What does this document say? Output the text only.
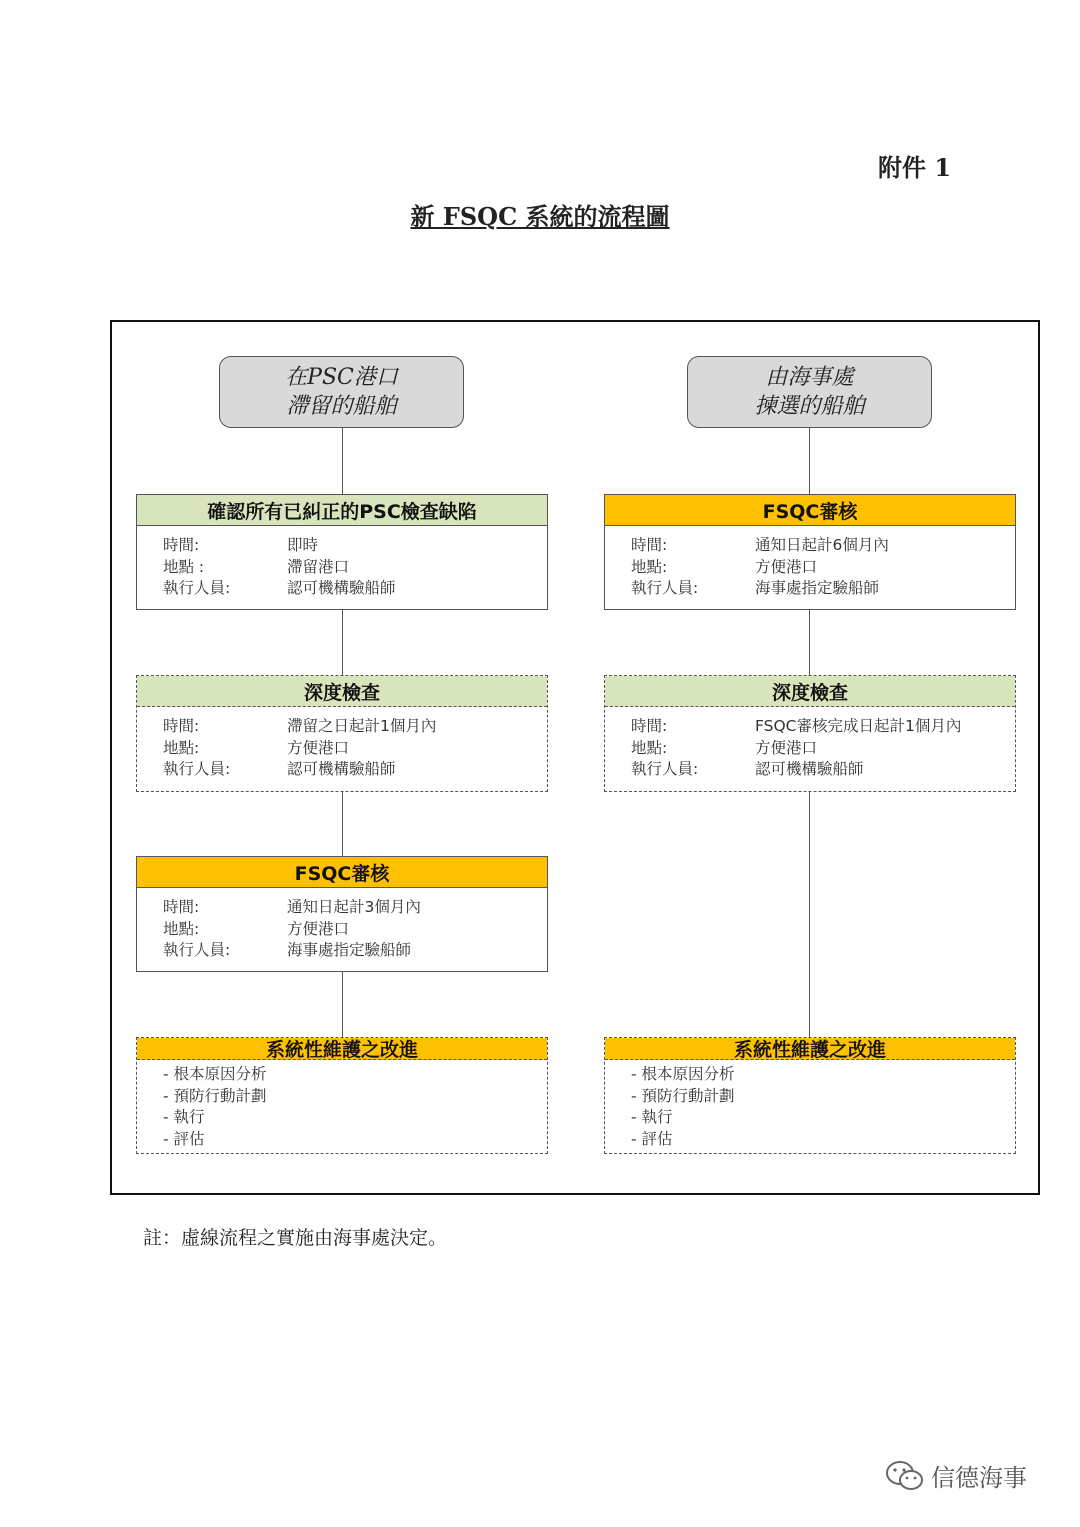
附件 1
新 FSQC 系統的流程圖
在PSC港口
滯留的船舶
確認所有已糾正的PSC檢查缺陷
時間:	即時
地點 :	滯留港口
執行人員:	認可機構驗船師
深度檢查
時間:	滯留之日起計1個月內
地點:	方便港口
執行人員:	認可機構驗船師
FSQC審核
時間:	通知日起計3個月內
地點:	方便港口
執行人員:	海事處指定驗船師
系統性維護之改進
- 根本原因分析
- 預防行動計劃
- 執行
- 評估
由海事處
揀選的船舶
FSQC審核
時間:	通知日起計6個月內
地點:	方便港口
執行人員:	海事處指定驗船師
深度檢查
時間:	FSQC審核完成日起計1個月內
地點:	方便港口
執行人員:	認可機構驗船師
系統性維護之改進
- 根本原因分析
- 預防行動計劃
- 執行
- 評估
註：虛線流程之實施由海事處決定。
信德海事
